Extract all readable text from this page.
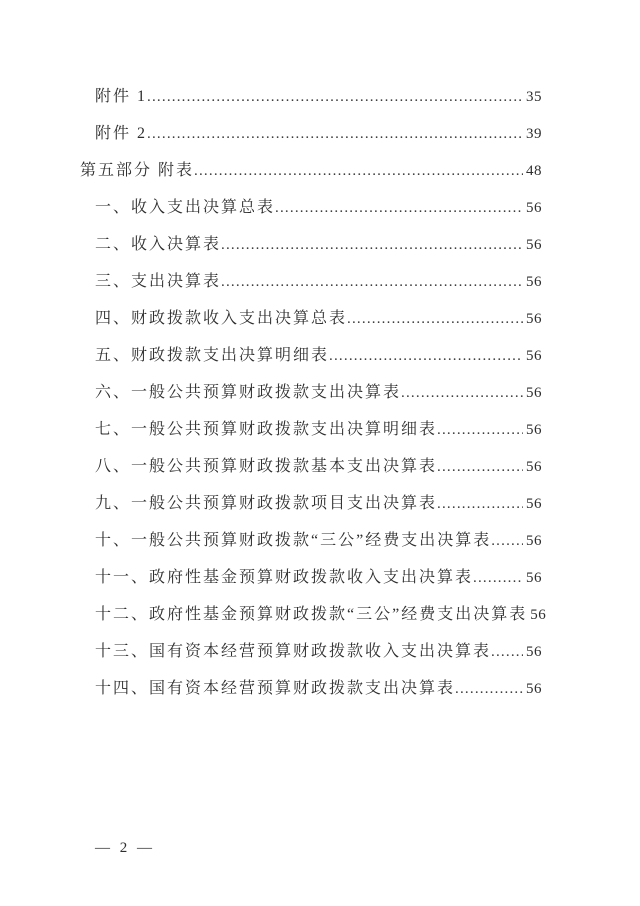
附件 1 .....	35
附件 2 .....	39
第五部分 附表 .....	48
一、收入支出决算总表 .....	56
二、收入决算表 .....	56
三、支出决算表 .....	56
四、财政拨款收入支出决算总表 .....	56
五、财政拨款支出决算明细表 .....	56
六、一般公共预算财政拨款支出决算表 .....	56
七、一般公共预算财政拨款支出决算明细表 .....	56
八、一般公共预算财政拨款基本支出决算表 .....	56
九、一般公共预算财政拨款项目支出决算表 .....	56
十、一般公共预算财政拨款“三公”经费支出决算表 ..... 56
十一、政府性基金预算财政拨款收入支出决算表 .....	56
十二、政府性基金预算财政拨款“三公”经费支出决算表 56
十三、国有资本经营预算财政拨款收入支出决算表 ..... 56
十四、国有资本经营预算财政拨款支出决算表 .....	56
— 2 —
